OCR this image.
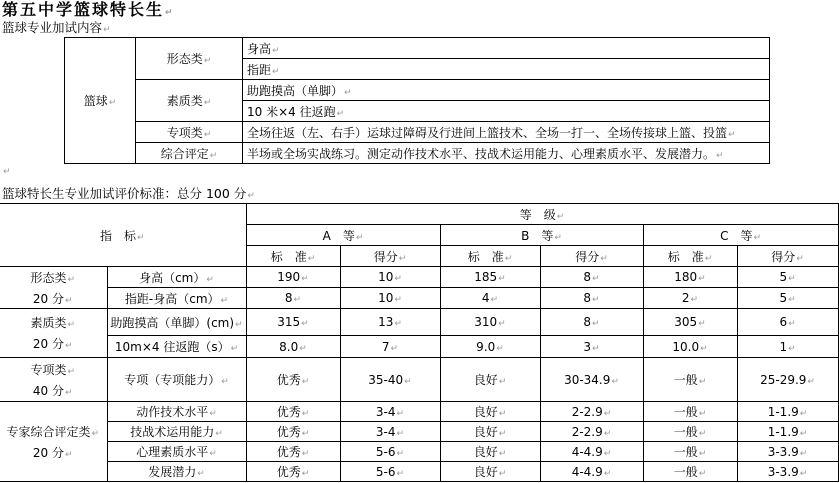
第五中学篮球特长生 ↵
篮球专业加试内容 ↵
篮球 ↵	形态类 ↵	身高 ↵
		指距 ↵
	素质类 ↵	助跑摸高（单脚） ↵
		10 米×4 往返跑 ↵
	专项类 ↵	全场往返（左、右手）运球过障碍及行进间上篮技术、全场一打一、全场传接球上篮、投篮 ↵
	综合评定 ↵	半场或全场实战练习。测定动作技术水平、技战术运用能力、心理素质水平、发展潜力。 ↵
↵
篮球特长生专业加试评价标准：总分 100 分 ↵
指　标 ↵		等　级 ↵
		A　等 ↵		B　等 ↵		C　等 ↵
		标　准 ↵	得分 ↵	标　准 ↵	得分 ↵	标　准 ↵	得分 ↵

形态类 ↵
20 分 ↵	身高（cm） ↵	190 ↵	10 ↵	185 ↵	8 ↵	180 ↵	5 ↵
	指距-身高（cm） ↵	8 ↵	10 ↵	4 ↵	8 ↵	2 ↵	5 ↵

素质类 ↵
20 分 ↵	助跑摸高（单脚）(cm) ↵	315 ↵	13 ↵	310 ↵	8 ↵	305 ↵	6 ↵
	10m×4 往返跑（s） ↵	8.0 ↵	7 ↵	9.0 ↵	3 ↵	10.0 ↵	1 ↵

专项类 ↵
40 分 ↵	专项（专项能力） ↵	优秀 ↵	35-40 ↵	良好 ↵	30-34.9 ↵	一般 ↵	25-29.9 ↵

专家综合评定类 ↵
20 分 ↵	动作技术水平 ↵	优秀 ↵	3-4 ↵	良好 ↵	2-2.9 ↵	一般 ↵	1-1.9 ↵
	技战术运用能力 ↵	优秀 ↵	3-4 ↵	良好 ↵	2-2.9 ↵	一般 ↵	1-1.9 ↵
	心理素质水平 ↵	优秀 ↵	5-6 ↵	良好 ↵	4-4.9 ↵	一般 ↵	3-3.9 ↵
	发展潜力 ↵	优秀 ↵	5-6 ↵	良好 ↵	4-4.9 ↵	一般 ↵	3-3.9 ↵
